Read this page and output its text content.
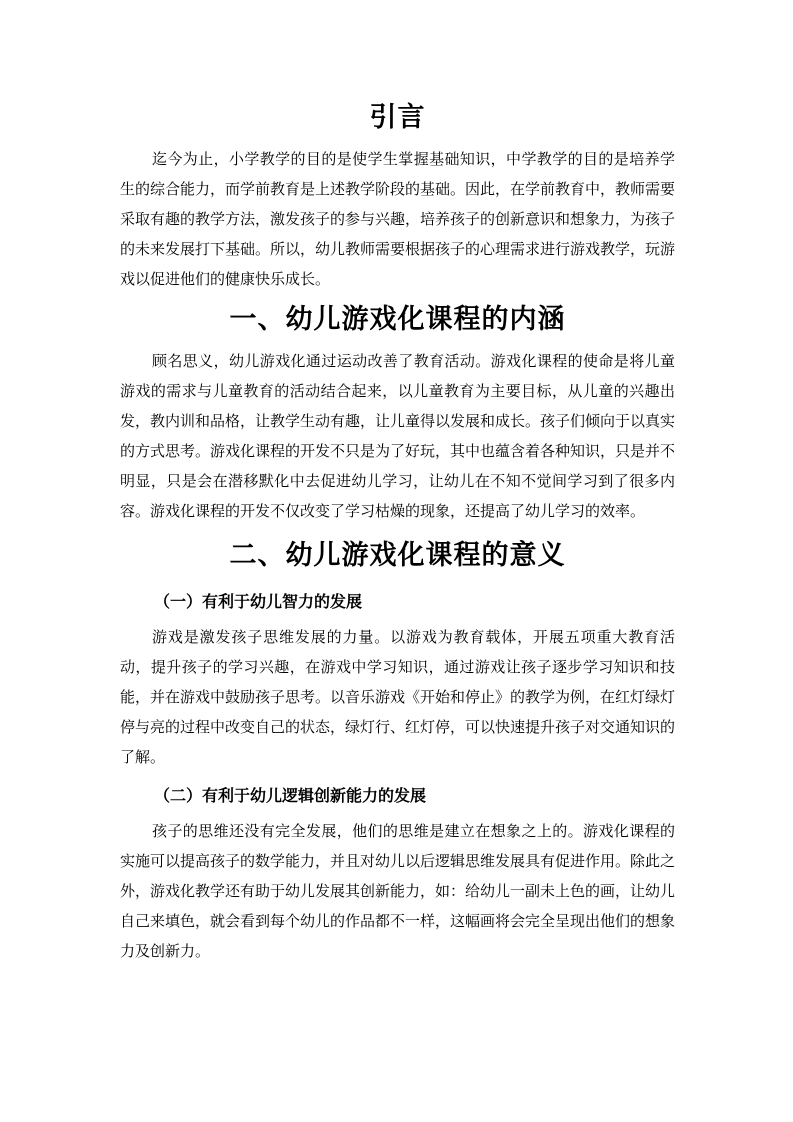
引言

迄今为止，小学教学的目的是使学生掌握基础知识，中学教学的目的是培养学生的综合能力，而学前教育是上述教学阶段的基础。因此，在学前教育中，教师需要采取有趣的教学方法，激发孩子的参与兴趣，培养孩子的创新意识和想象力，为孩子的未来发展打下基础。所以，幼儿教师需要根据孩子的心理需求进行游戏教学，玩游戏以促进他们的健康快乐成长。

一、幼儿游戏化课程的内涵

顾名思义，幼儿游戏化通过运动改善了教育活动。游戏化课程的使命是将儿童游戏的需求与儿童教育的活动结合起来，以儿童教育为主要目标，从儿童的兴趣出发，教内训和品格，让教学生动有趣，让儿童得以发展和成长。孩子们倾向于以真实的方式思考。游戏化课程的开发不只是为了好玩，其中也蕴含着各种知识，只是并不明显，只是会在潜移默化中去促进幼儿学习，让幼儿在不知不觉间学习到了很多内容。游戏化课程的开发不仅改变了学习枯燥的现象，还提高了幼儿学习的效率。

二、幼儿游戏化课程的意义
（一）有利于幼儿智力的发展

游戏是激发孩子思维发展的力量。以游戏为教育载体，开展五项重大教育活动，提升孩子的学习兴趣，在游戏中学习知识，通过游戏让孩子逐步学习知识和技能，并在游戏中鼓励孩子思考。以音乐游戏《开始和停止》的教学为例，在红灯绿灯停与亮的过程中改变自己的状态，绿灯行、红灯停，可以快速提升孩子对交通知识的了解。

（二）有利于幼儿逻辑创新能力的发展

孩子的思维还没有完全发展，他们的思维是建立在想象之上的。游戏化课程的实施可以提高孩子的数学能力，并且对幼儿以后逻辑思维发展具有促进作用。除此之外，游戏化教学还有助于幼儿发展其创新能力，如：给幼儿一副未上色的画，让幼儿自己来填色，就会看到每个幼儿的作品都不一样，这幅画将会完全呈现出他们的想象力及创新力。
